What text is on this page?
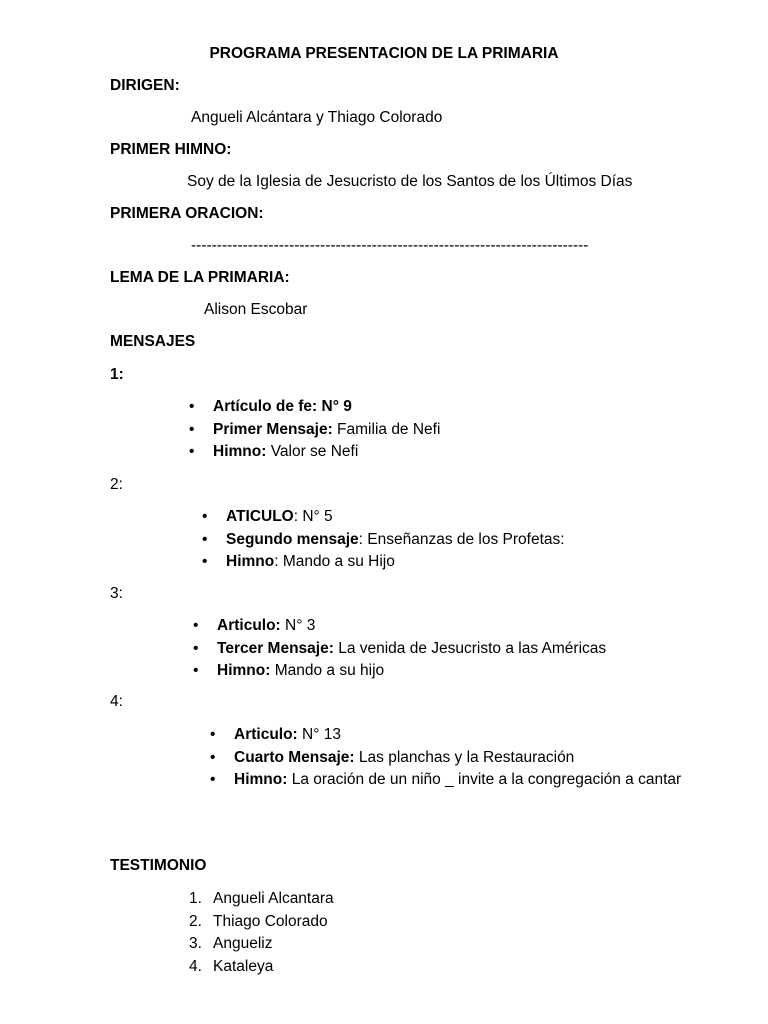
PROGRAMA PRESENTACION DE LA PRIMARIA
DIRIGEN:
Angueli Alcántara y Thiago Colorado
PRIMER HIMNO:
Soy de la Iglesia de Jesucristo de los Santos de los Últimos Días
PRIMERA ORACION:
-----------------------------------------------------------------------------
LEMA DE LA PRIMARIA:
Alison Escobar
MENSAJES
1:
• Artículo de fe: N° 9
• Primer Mensaje: Familia de Nefi
• Himno: Valor se Nefi
2:
• ATICULO: N° 5
• Segundo mensaje: Enseñanzas de los Profetas:
• Himno: Mando a su Hijo
3:
• Articulo: N° 3
• Tercer Mensaje: La venida de Jesucristo a las Américas
• Himno: Mando a su hijo
4:
• Articulo: N° 13
• Cuarto Mensaje: Las planchas y la Restauración
• Himno: La oración de un niño _ invite a la congregación a cantar
TESTIMONIO
1. Angueli Alcantara
2. Thiago Colorado
3. Angueliz
4. Kataleya
